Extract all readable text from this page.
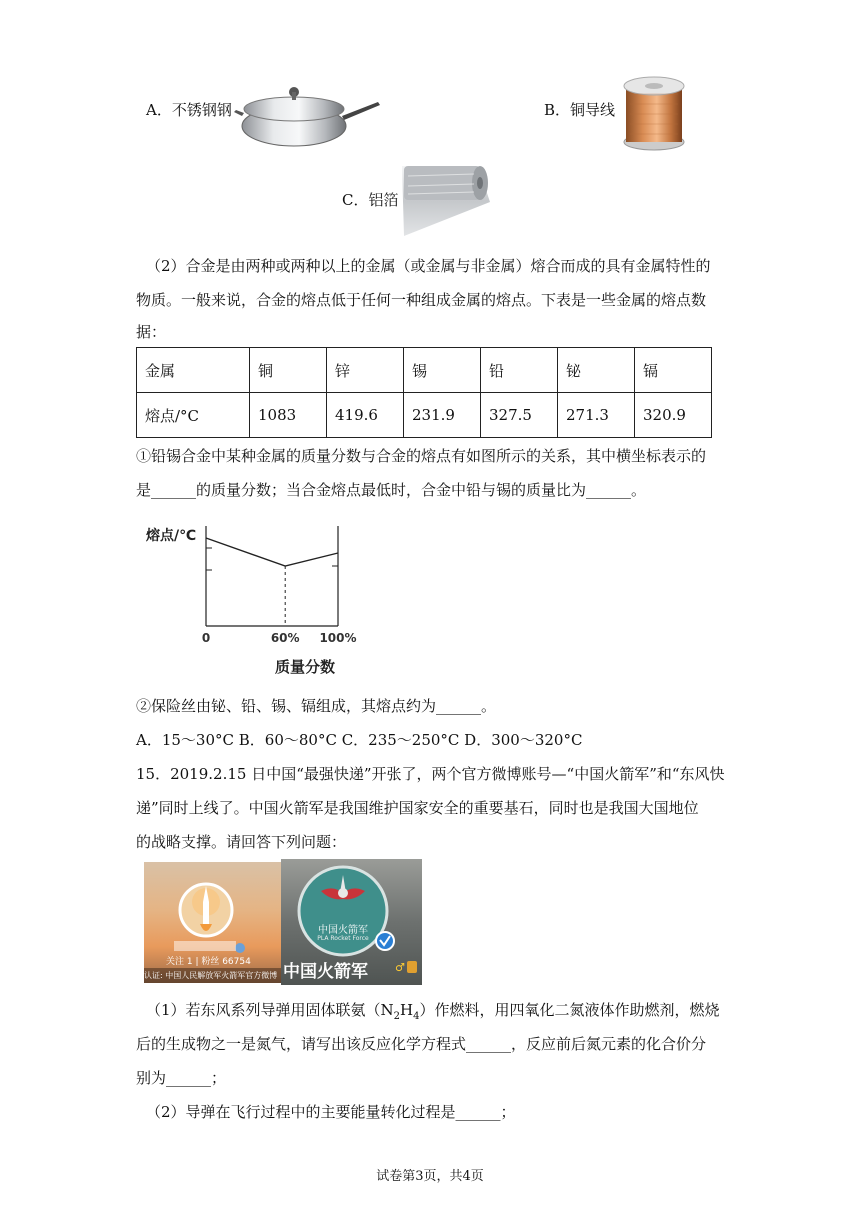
A．不锈钢钢	B．铜导线
C．铝箔
（2）合金是由两种或两种以上的金属（或金属与非金属）熔合而成的具有金属特性的
物质。一般来说，合金的熔点低于任何一种组成金属的熔点。下表是一些金属的熔点数
据：
金属	铜	锌	锡	铅	铋	镉
熔点/°C	1083	419.6	231.9	327.5	271.3	320.9
①铅锡合金中某种金属的质量分数与合金的熔点有如图所示的关系，其中横坐标表示的
是______的质量分数；当合金熔点最低时，合金中铅与锡的质量比为______。
熔点/℃
0	60% 100%
质量分数
②保险丝由铋、铅、锡、镉组成，其熔点约为______。
A．15～30°C B．60～80°C C．235～250°C D．300～320°C
15．2019.2.15 日中国“最强快递”开张了，两个官方微博账号—“中国火箭军”和“东风快
递”同时上线了。中国火箭军是我国维护国家安全的重要基石，同时也是我国大国地位
的战略支撑。请回答下列问题：
关注 1 | 粉丝 66754
认证: 中国人民解放军火箭军官方微博
中国火箭军
PLA Rocket Force
中国火箭军 ♂
（1）若东风系列导弹用固体联氨$(N_2H_4)$作燃料，用四氧化二氮液体作助燃剂，燃烧
后的生成物之一是氮气，请写出该反应化学方程式______，反应前后氮元素的化合价分
别为______；
（2）导弹在飞行过程中的主要能量转化过程是______；
试卷第3页，共4页
